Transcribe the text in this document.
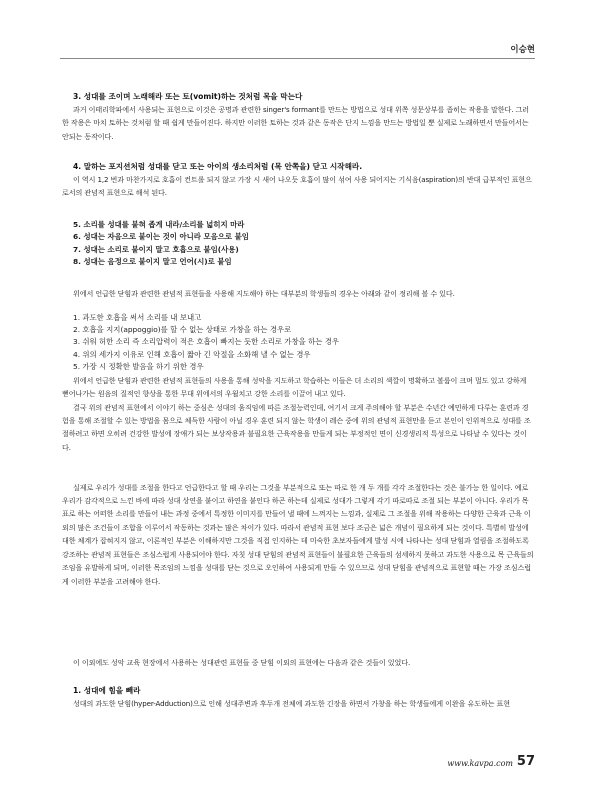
이승현

3. 성대를 조이며 노래해라 또는 토(vomit)하는 것처럼 목을 막는다

과거 이태리학파에서 사용되는 표현으로 이것은 공명과 관련한 singer's formant를 만드는 방법으로 성대 위쪽 성문상부를 좁히는 작용을 말한다. 그러한 작용은 마치 토하는 것처럼 할 때 쉽게 만들어진다. 하지만 이러한 토하는 것과 같은 동작은 단지 느낌을 만드는 방법일 뿐 실제로 노래하면서 만들어서는 안되는 동작이다.

4. 말하는 포지션처럼 성대를 닫고 또는 아이의 생소리처럼 (목 안쪽을) 닫고 시작해라.

이 역시 1,2 번과 마찬가지로 호흡이 컨트롤 되지 않고 가장 시 새어 나오듯 호흡이 많이 섞여 사용 되어지는 기식음(aspiration)의 반대 급부적인 표현으로서의 관념적 표현으로 해석 된다.

5. 소리를 성대를 붙혀 좁게 내라/소리를 넓히지 마라

6. 성대는 자음으로 붙이는 것이 아니라 모음으로 붙임

7. 성대는 소리로 붙이지 말고 호흡으로 붙임(사용)

8. 성대는 음정으로 붙이지 말고 언어(시)로 붙임

위에서 언급한 닫힘과 관련한 관념적 표현들을 사용해 지도해야 하는 대부분의 학생들의 경우는 아래와 같이 정리해 볼 수 있다.

1. 과도한 호흡을 써서 소리를 내 보내고

2. 호흡을 지지(appoggio)를 할 수 없는 상태로 가창을 하는 경우로

3. 쉬워 허한 소리 즉 소리압력이 적은 호흡이 빠지는 듯한 소리로 가창을 하는 경우

4. 위의 세가지 이유로 인해 호흡이 짧아 긴 악절을 소화해 낼 수 없는 경우

5. 가장 시 정확한 발음을 하기 위한 경우

위에서 언급한 닫힘과 관련한 관념적 표현들의 사용을 통해 성악을 지도하고 학습하는 이들은 더 소리의 색깔이 명확하고 볼륨이 크며 멀도 있고 강하게 뻗어나가는 원음의 질적인 향상을 통한 무대 위에서의 우월치고 강한 소리를 이끌어 내고 있다.

결국 위의 관념적 표현에서 이야기 하는 중심은 성대의 움직임에 따른 조절능력인데, 여기서 크게 주의해야 할 부분은 수년간 예민하게 다루는 훈련과 경험을 통해 조절할 수 있는 방법을 몸으로 체득한 사람이 아닐 경우 훈련 되지 않는 학생이 레슨 중에 위의 관념적 표현만을 듣고 본인이 인위적으로 성대를 조절하려고 하면 오히려 건강한 발성에 장애가 되는 보상작용과 불필요한 근육작용을 만들게 되는 부정적인 면이 신경생리적 특성으로 나타날 수 있다는 것이다.

실제로 우리가 성대를 조절을 한다고 언급한다고 할 때 우리는 그것을 부분적으로 또는 따로 한 개 두 개를 각각 조절한다는 것은 불가능 한 일이다. 예로 우리가 감각적으로 느낀 바에 따라 성대 상연을 붙이고 하연을 붙인다 하곤 하는데 실제로 성대가 그렇게 각기 따로따로 조절 되는 부분이 아니다. 우리가 목표로 하는 어떠한 소리를 만들어 내는 과정 중에서 특정한 이미지를 만들어 낼 때에 느껴지는 느낌과, 실제로 그 조절을 위해 작용하는 다양한 근육과 근육 이외의 많은 조건들이 조합을 이루어서 작동하는 것과는 많은 차이가 있다. 따라서 관념적 표현 보다 조금은 넓은 개념이 필요하게 되는 것이다. 특별히 발성에 대한 체계가 잡혀지지 않고, 이론적인 부분은 이해하지만 그것을 직접 인지하는 데 미숙한 초보자들에게 발성 시에 나타나는 성대 닫힘과 열림을 조절하도록 강조하는 관념적 표현들은 조심스럽게 사용되어야 한다. 자칫 성대 닫힘의 관념적 표현들이 불필요한 근육들의 섬세하지 못하고 과도한 사용으로 목 근육들의 조임을 유발하게 되며, 이러한 목조임의 느낌을 성대를 닫는 것으로 오인하여 사용되게 만들 수 있으므로 성대 닫힘을 관념적으로 표현할 때는 가장 조심스럽게 이러한 부분을 고려해야 한다.

이 이외에도 성악 교육 현장에서 사용하는 성대관련 표현들 중 닫힘 이외의 표현에는 다음과 같은 것들이 있었다.

1. 성대에 힘을 빼라

성대의 과도한 닫힘(hyper-Adduction)으로 인해 성대주변과 후두개 전체에 과도한 긴장을 하면서 가창을 하는 학생들에게 이완을 유도하는 표현

www.kavpa.com 57
